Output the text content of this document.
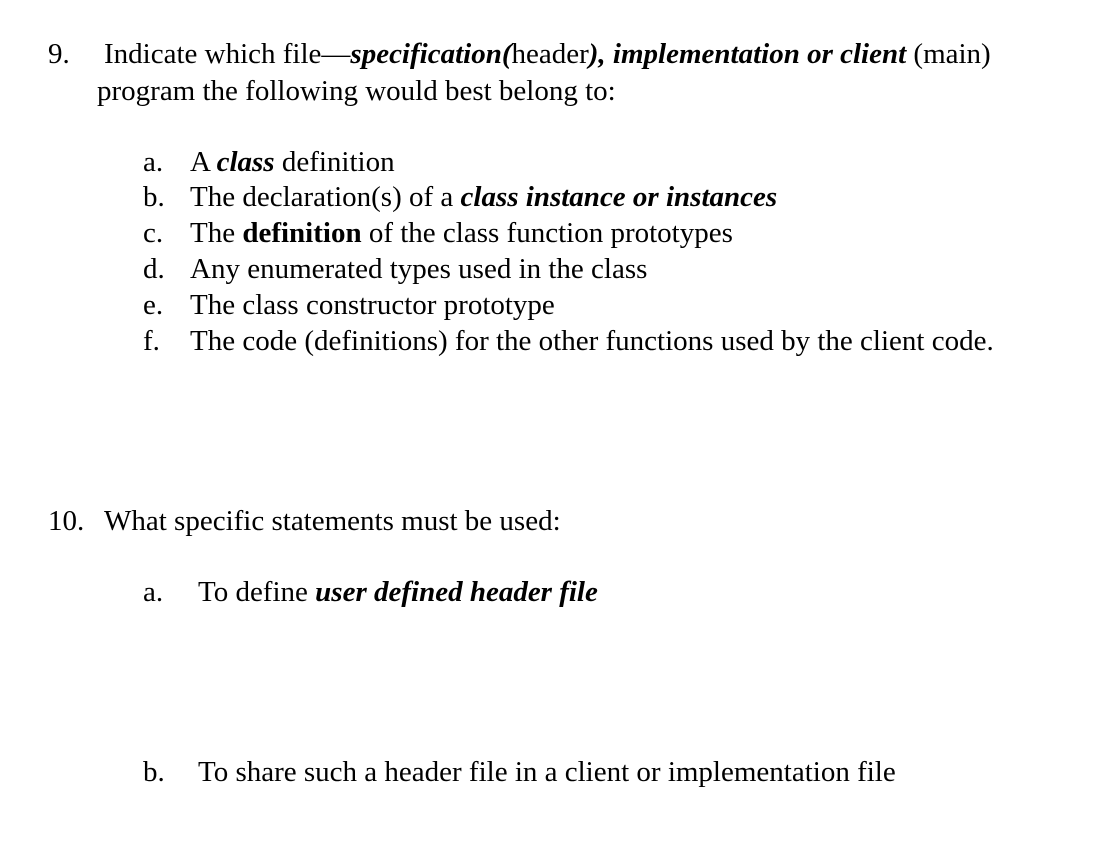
9. Indicate which file—specification(header), implementation or client (main)
program the following would best belong to:
a. A class definition
b. The declaration(s) of a class instance or instances
c. The definition of the class function prototypes
d. Any enumerated types used in the class
e. The class constructor prototype
f. The code (definitions) for the other functions used by the client code.
10. What specific statements must be used:
a. To define user defined header file
b. To share such a header file in a client or implementation file
